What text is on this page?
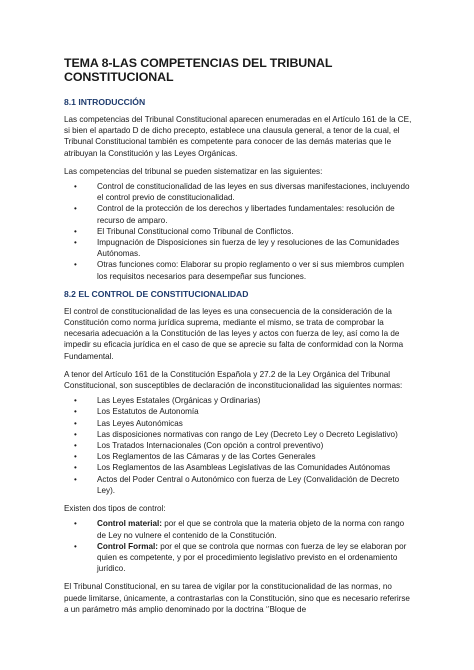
TEMA 8-LAS COMPETENCIAS DEL TRIBUNAL CONSTITUCIONAL
8.1 INTRODUCCIÓN

Las competencias del Tribunal Constitucional aparecen enumeradas en el Artículo 161 de la CE, si bien el apartado D de dicho precepto, establece una clausula general, a tenor de la cual, el Tribunal Constitucional también es competente para conocer de las demás materias que le atribuyan la Constitución y las Leyes Orgánicas.

Las competencias del tribunal se pueden sistematizar en las siguientes:

• Control de constitucionalidad de las leyes en sus diversas manifestaciones, incluyendo el control previo de constitucionalidad.
• Control de la protección de los derechos y libertades fundamentales: resolución de recurso de amparo.
• El Tribunal Constitucional como Tribunal de Conflictos.
• Impugnación de Disposiciones sin fuerza de ley y resoluciones de las Comunidades Autónomas.
• Otras funciones como: Elaborar su propio reglamento o ver si sus miembros cumplen los requisitos necesarios para desempeñar sus funciones.
8.2 EL CONTROL DE CONSTITUCIONALIDAD

El control de constitucionalidad de las leyes es una consecuencia de la consideración de la Constitución como norma jurídica suprema, mediante el mismo, se trata de comprobar la necesaria adecuación a la Constitución de las leyes y actos con fuerza de ley, así como la de impedir su eficacia jurídica en el caso de que se aprecie su falta de conformidad con la Norma Fundamental.

A tenor del Artículo 161 de la Constitución Española y 27.2 de la Ley Orgánica del Tribunal Constitucional, son susceptibles de declaración de inconstitucionalidad las siguientes normas:

• Las Leyes Estatales (Orgánicas y Ordinarias)
• Los Estatutos de Autonomía
• Las Leyes Autonómicas
• Las disposiciones normativas con rango de Ley (Decreto Ley o Decreto Legislativo)
• Los Tratados Internacionales (Con opción a control preventivo)
• Los Reglamentos de las Cámaras y de las Cortes Generales
• Los Reglamentos de las Asambleas Legislativas de las Comunidades Autónomas
• Actos del Poder Central o Autonómico con fuerza de Ley (Convalidación de Decreto Ley).

Existen dos tipos de control:

• Control material: por el que se controla que la materia objeto de la norma con rango de Ley no vulnere el contenido de la Constitución.
• Control Formal: por el que se controla que normas con fuerza de ley se elaboran por quien es competente, y por el procedimiento legislativo previsto en el ordenamiento jurídico.

El Tribunal Constitucional, en su tarea de vigilar por la constitucionalidad de las normas, no puede limitarse, únicamente, a contrastarlas con la Constitución, sino que es necesario referirse a un parámetro más amplio denominado por la doctrina ‘’Bloque de
